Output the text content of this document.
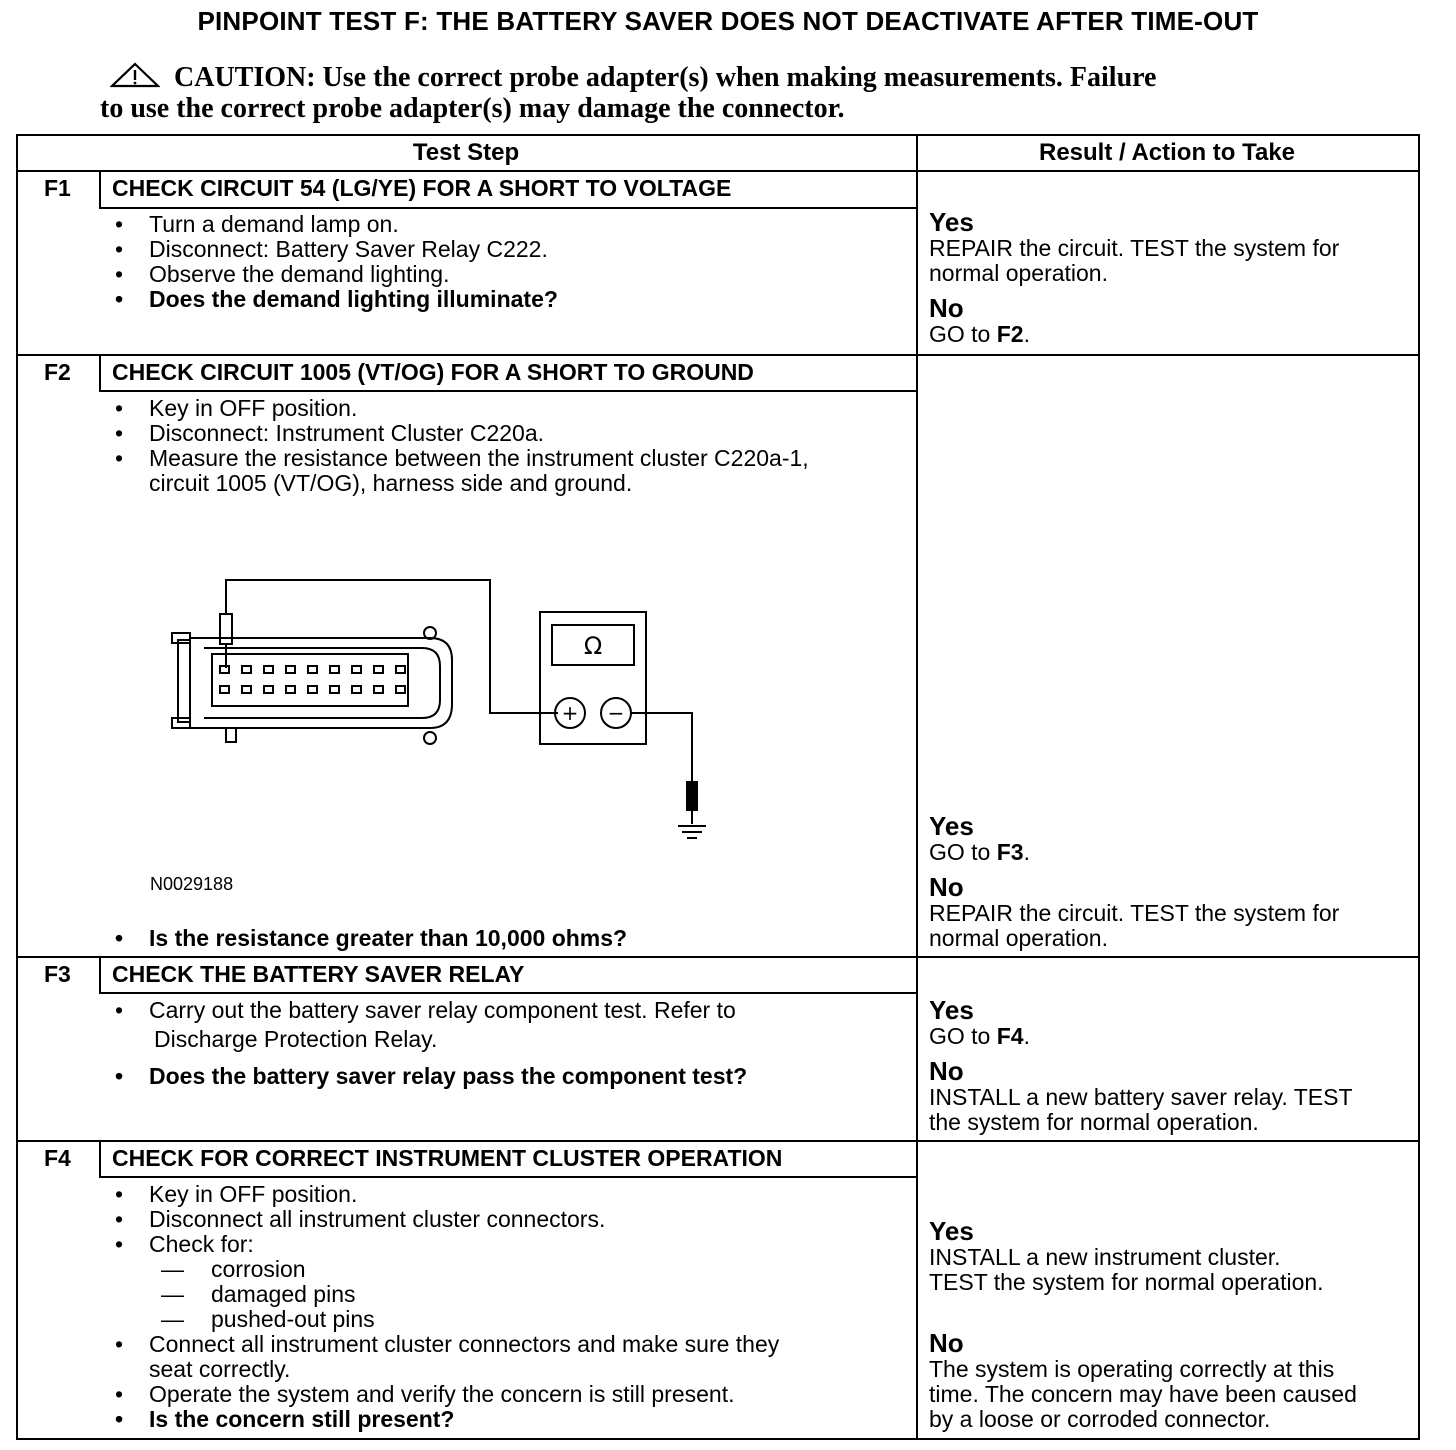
PINPOINT TEST F: THE BATTERY SAVER DOES NOT DEACTIVATE AFTER TIME-OUT
CAUTION: Use the correct probe adapter(s) when making measurements. Failure
to use the correct probe adapter(s) may damage the connector.
Test Step	Result / Action to Take
F1 CHECK CIRCUIT 54 (LG/YE) FOR A SHORT TO VOLTAGE
• Turn a demand lamp on.
• Disconnect: Battery Saver Relay C222.
• Observe the demand lighting.
• Does the demand lighting illuminate?
Yes
REPAIR the circuit. TEST the system for
normal operation.
No
GO to F2.
F2 CHECK CIRCUIT 1005 (VT/OG) FOR A SHORT TO GROUND
• Key in OFF position.
• Disconnect: Instrument Cluster C220a.
• Measure the resistance between the instrument cluster C220a-1,
circuit 1005 (VT/OG), harness side and ground.
Ω
+ −
N0029188
• Is the resistance greater than 10,000 ohms?
Yes
GO to F3.
No
REPAIR the circuit. TEST the system for
normal operation.
F3 CHECK THE BATTERY SAVER RELAY
• Carry out the battery saver relay component test. Refer to
Discharge Protection Relay.
• Does the battery saver relay pass the component test?
Yes
GO to F4.
No
INSTALL a new battery saver relay. TEST
the system for normal operation.
F4 CHECK FOR CORRECT INSTRUMENT CLUSTER OPERATION
• Key in OFF position.
• Disconnect all instrument cluster connectors.
• Check for:
— corrosion
— damaged pins
— pushed-out pins
• Connect all instrument cluster connectors and make sure they
seat correctly.
• Operate the system and verify the concern is still present.
• Is the concern still present?
Yes
INSTALL a new instrument cluster.
TEST the system for normal operation.
No
The system is operating correctly at this
time. The concern may have been caused
by a loose or corroded connector.
